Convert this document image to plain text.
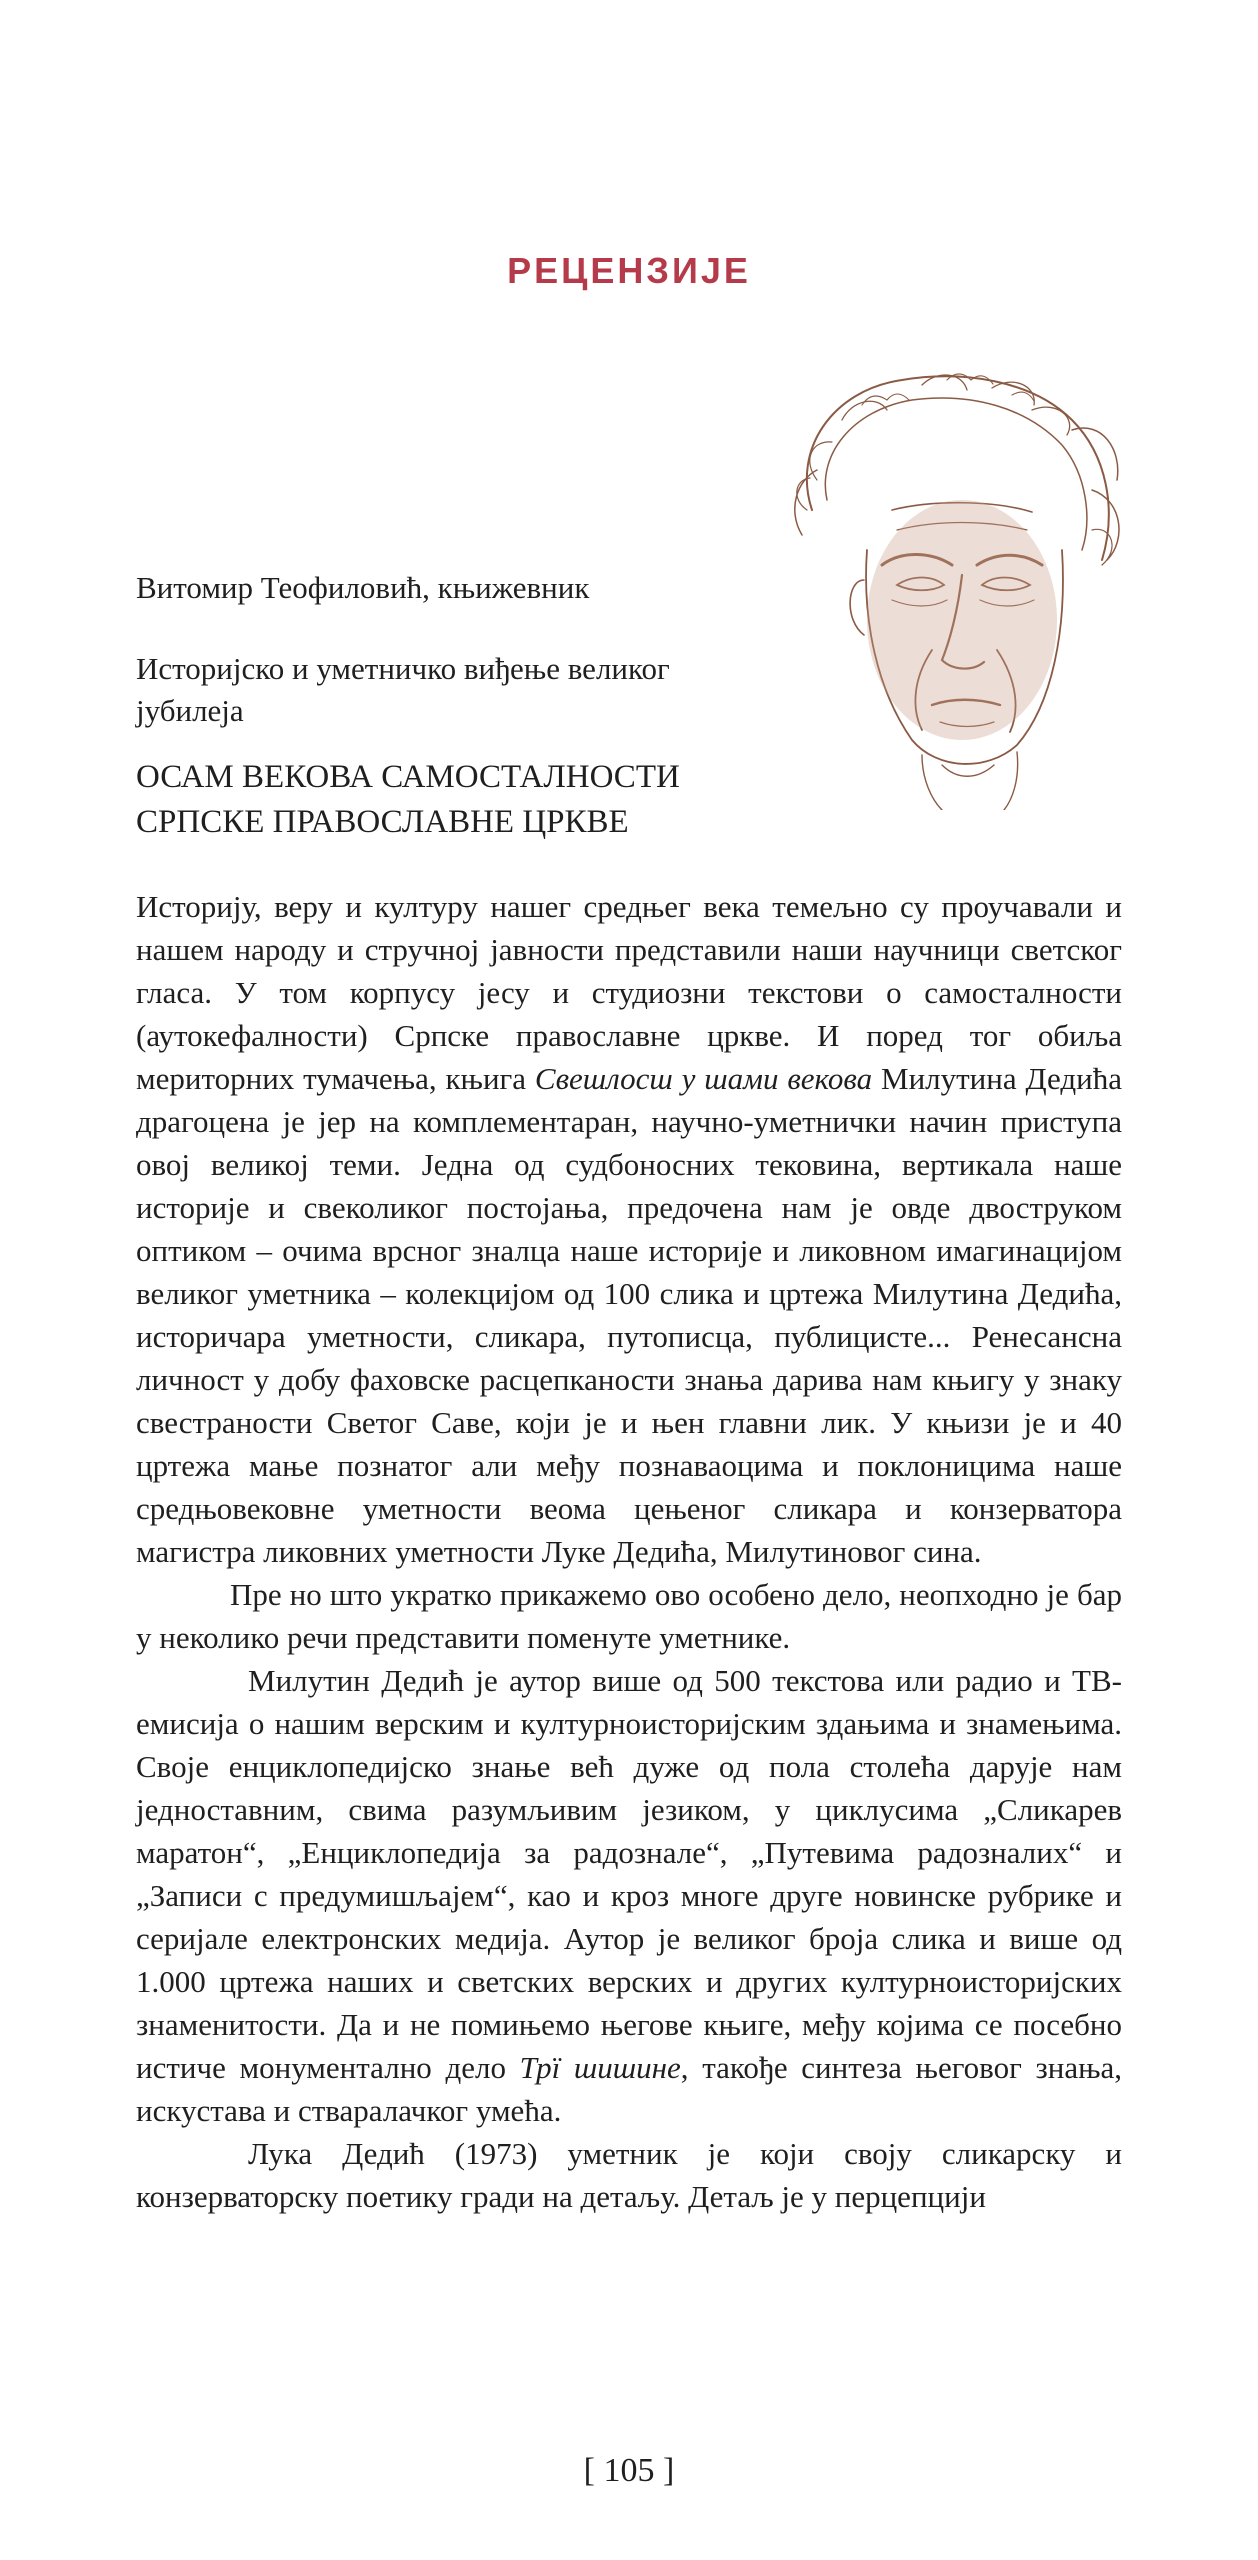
РЕЦЕНЗИЈЕ
Витомир Теофиловић, књижевник
Историјско и уметничко виђење великог јубилеја
ОСАМ ВЕКОВА САМОСТАЛНОСТИ
СРПСКЕ ПРАВОСЛАВНЕ ЦРКВЕ

Историју, веру и културу нашег средњег века темељно су проучавали и нашем народу и стручној јавности представили наши научници светског гласа. У том корпусу јесу и студиозни текстови о самосталности (аутокефалности) Српске православне цркве. И поред тог обиља мериторних тумачења, књига Свешлосш у шами векова Милутина Дедића драгоцена је јер на комплементаран, научно-уметнички начин приступа овој великој теми. Једна од судбоносних тековина, вертикала наше историје и свеколиког постојања, предочена нам је овде двоструком оптиком – очима врсног зналца наше историје и ликовном имагинацијом великог уметника – колекцијом од 100 слика и цртежа Милутина Дедића, историчара уметности, сликара, путописца, публицисте... Ренесансна личност у добу фаховске расцепканости знања дарива нам књигу у знаку свестраности Светог Саве, који је и њен главни лик. У књизи је и 40 цртежа мање познатог али међу познаваоцима и поклоницима наше средњовековне уметности веома цењеног сликара и конзерватора магистра ликовних уметности Луке Дедића, Милутиновог сина.

Пре но што укратко прикажемо ово особено дело, неопходно је бар у неколико речи представити поменуте уметнике.

Милутин Дедић је аутор више од 500 текстова или радио и ТВ-емисија о нашим верским и културноисторијским здањима и знамењима. Своје енциклопедијско знање већ дуже од пола столећа дарује нам једноставним, свима разумљивим језиком, у циклусима „Сликарев маратон“, „Енциклопедија за радознале“, „Путевима радозналих“ и „Записи с предумишљајем“, као и кроз многе друге новинске рубрике и серијале електронских медија. Аутор је великог броја слика и више од 1.000 цртежа наших и светских верских и других културноисторијских знаменитости. Да и не помињемо његове књиге, међу којима се посебно истиче монументално дело Трї шишине, такође синтеза његовог знања, искустава и стваралачког умећа.

Лука Дедић (1973) уметник је који своју сликарску и конзерваторску поетику гради на детаљу. Детаљ је у перцепцији

[ 105 ]
